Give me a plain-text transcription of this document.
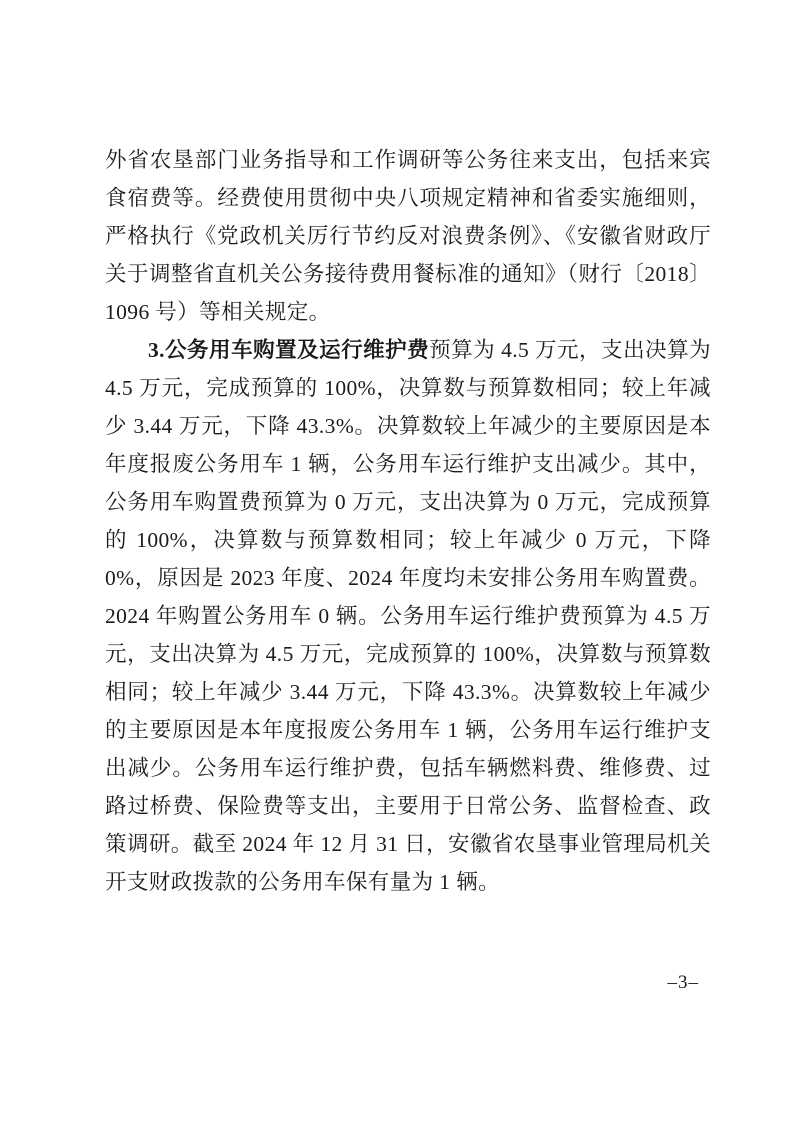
外省农垦部门业务指导和工作调研等公务往来支出，包括来宾食宿费等。经费使用贯彻中央八项规定精神和省委实施细则，严格执行《党政机关厉行节约反对浪费条例》、《安徽省财政厅关于调整省直机关公务接待费用餐标准的通知》（财行〔2018〕1096 号）等相关规定。

3.公务用车购置及运行维护费预算为 4.5 万元，支出决算为 4.5 万元，完成预算的 100%，决算数与预算数相同；较上年减少 3.44 万元，下降 43.3%。决算数较上年减少的主要原因是本年度报废公务用车 1 辆，公务用车运行维护支出减少。其中，公务用车购置费预算为 0 万元，支出决算为 0 万元，完成预算的 100%，决算数与预算数相同；较上年减少 0 万元，下降 0%，原因是 2023 年度、2024 年度均未安排公务用车购置费。2024 年购置公务用车 0 辆。公务用车运行维护费预算为 4.5 万元，支出决算为 4.5 万元，完成预算的 100%，决算数与预算数相同；较上年减少 3.44 万元，下降 43.3%。决算数较上年减少的主要原因是本年度报废公务用车 1 辆，公务用车运行维护支出减少。公务用车运行维护费，包括车辆燃料费、维修费、过路过桥费、保险费等支出，主要用于日常公务、监督检查、政策调研。截至 2024 年 12 月 31 日，安徽省农垦事业管理局机关开支财政拨款的公务用车保有量为 1 辆。

–3–
